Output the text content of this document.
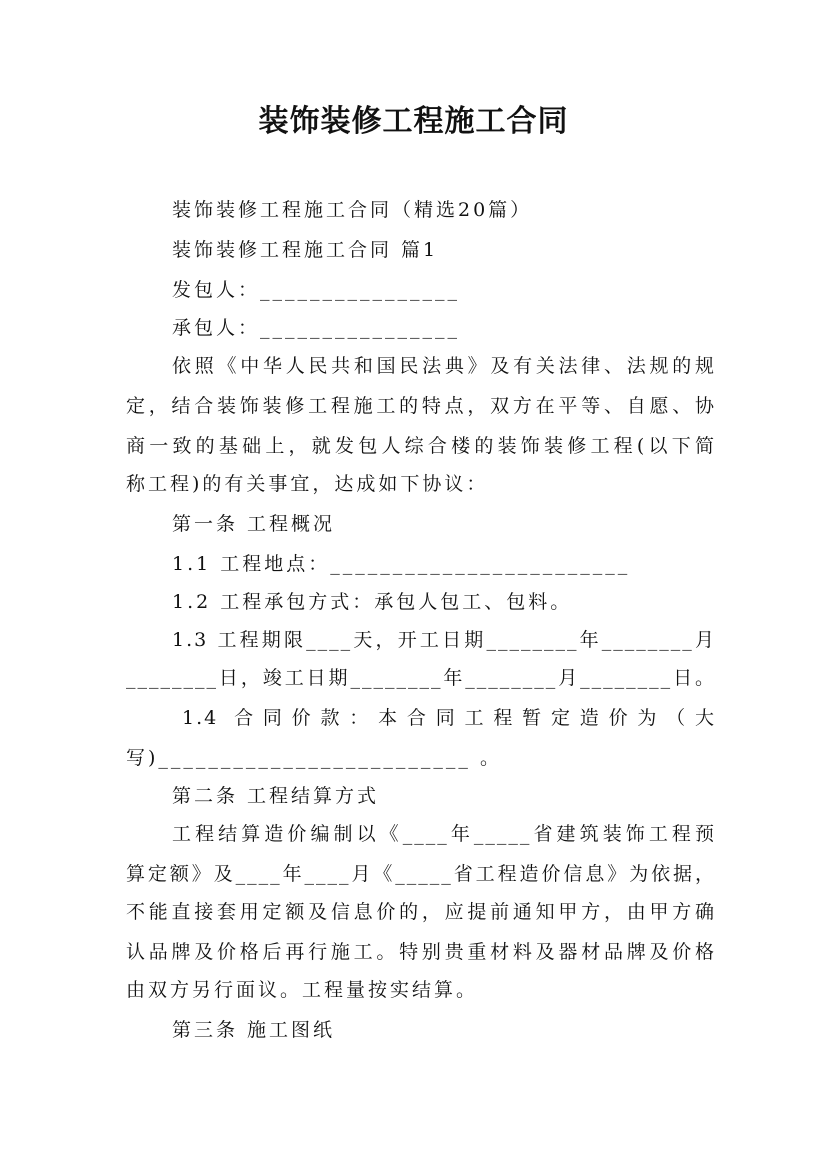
装饰装修工程施工合同
装饰装修工程施工合同（精选20篇）
装饰装修工程施工合同 篇1
发包人：________________
承包人：________________
依照《中华人民共和国民法典》及有关法律、法规的规
定，结合装饰装修工程施工的特点，双方在平等、自愿、协
商一致的基础上，就发包人综合楼的装饰装修工程(以下简
称工程)的有关事宜，达成如下协议：
第一条 工程概况
1.1 工程地点：________________________
1.2 工程承包方式：承包人包工、包料。
1.3 工程期限____天，开工日期________年________月
________日，竣工日期________年________月________日。
1.4 合同价款：本合同工程暂定造价为（大
写)_________________________ 。
第二条 工程结算方式
工程结算造价编制以《____年_____省建筑装饰工程预
算定额》及____年____月《_____省工程造价信息》为依据，
不能直接套用定额及信息价的，应提前通知甲方，由甲方确
认品牌及价格后再行施工。特别贵重材料及器材品牌及价格
由双方另行面议。工程量按实结算。
第三条 施工图纸
